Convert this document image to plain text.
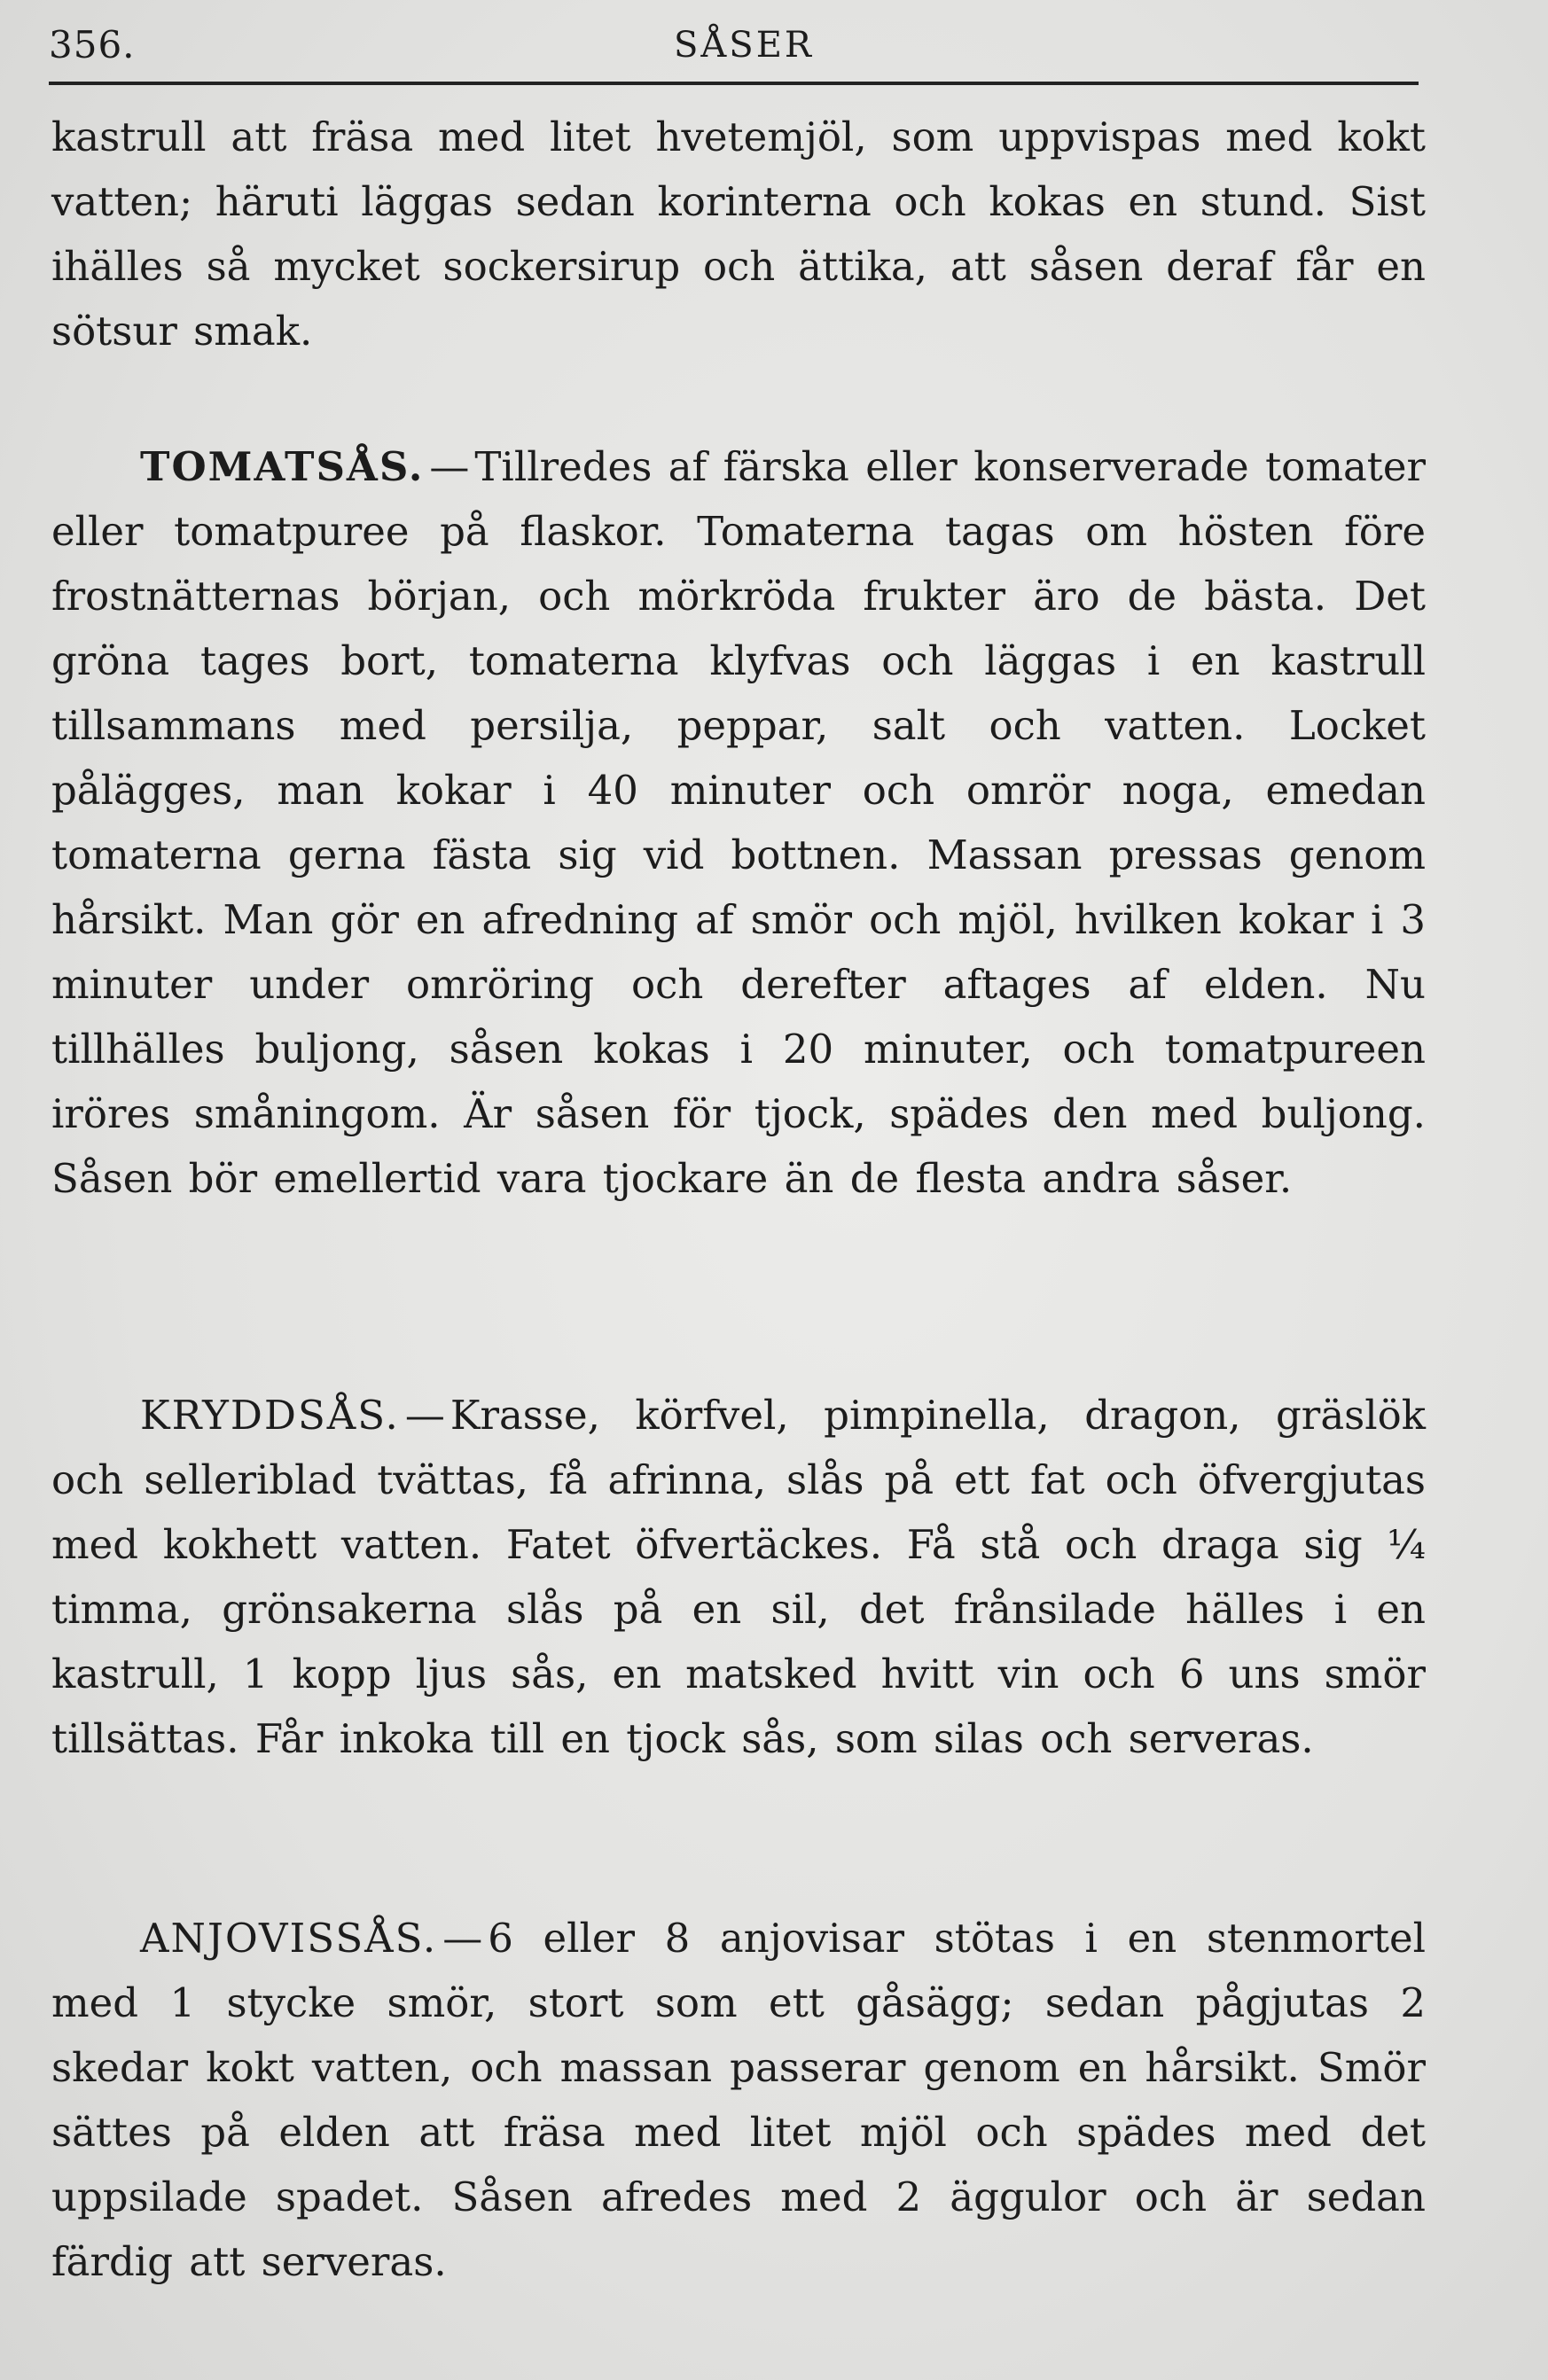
356.	SÅSER

kastrull att fräsa med litet hvetemjöl, som uppvispas med kokt vatten; häruti läggas sedan korinterna och kokas en stund. Sist ihälles så mycket sockersirup och ättika, att såsen deraf får en sötsur smak.

TOMATSÅS. — Tillredes af färska eller konserverade tomater eller tomatpuree på flaskor. Tomaterna tagas om hösten före frostnätternas början, och mörkröda frukter äro de bästa. Det gröna tages bort, tomaterna klyfvas och läggas i en kastrull tillsammans med persilja, peppar, salt och vatten. Locket pålägges, man kokar i 40 minuter och omrör noga, emedan tomaterna gerna fästa sig vid bottnen. Massan pressas genom hårsikt. Man gör en afredning af smör och mjöl, hvilken kokar i 3 minuter under omröring och derefter aftages af elden. Nu tillhälles buljong, såsen kokas i 20 minuter, och tomatpureen iröres småningom. Är såsen för tjock, spädes den med buljong. Såsen bör emellertid vara tjockare än de flesta andra såser.

KRYDDSÅS. — Krasse, körfvel, pimpinella, dragon, gräslök och selleriblad tvättas, få afrinna, slås på ett fat och öfvergjutas med kokhett vatten. Fatet öfvertäckes. Få stå och draga sig ¼ timma, grönsakerna slås på en sil, det frånsilade hälles i en kastrull, 1 kopp ljus sås, en matsked hvitt vin och 6 uns smör tillsättas. Får inkoka till en tjock sås, som silas och serveras.

ANJOVISSÅS. — 6 eller 8 anjovisar stötas i en stenmortel med 1 stycke smör, stort som ett gåsägg; sedan pågjutas 2 skedar kokt vatten, och massan passerar genom en hårsikt. Smör sättes på elden att fräsa med litet mjöl och spädes med det uppsilade spadet. Såsen afredes med 2 äggulor och är sedan färdig att serveras.
